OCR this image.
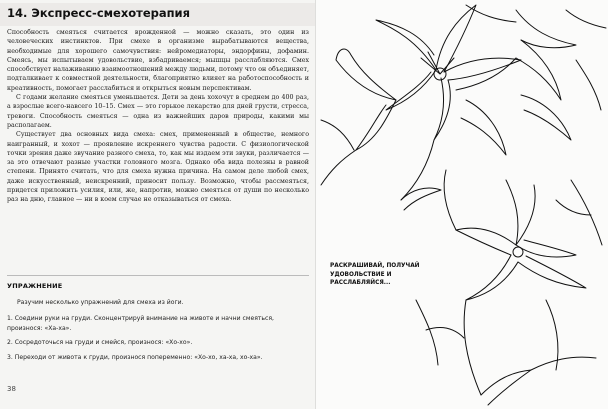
14. Экспресс-смехотерапия

Способность смеяться считается врожденной — можно сказать, это один из человеческих инстинктов. При смехе в организме вырабатываются вещества, необходимые для хорошего самочувствия: нейромедиаторы, эндорфины, дофамин. Смеясь, мы испытываем удовольствие, взбадриваемся; мышцы расслабляются. Смех способствует налаживанию взаимоотношений между людьми, потому что он объединяет, подталкивает к совместной деятельности, благоприятно влияет на работоспособность и креативность, помогает расслабиться и открыться новым перспективам.

С годами желание смеяться уменьшается. Дети за день хохочут в среднем до 400 раз, а взрослые всего-навсего 10–15. Смех — это горькое лекарство для дней грусти, стресса, тревоги. Способность смеяться — одна из важнейших даров природы, какими мы располагаем.

Существует два основных вида смеха: смех, примененный в обществе, немного наигранный, и хохот — проявление искреннего чувства радости. С физиологической точки зрения даже звучание разного смеха, то, как мы издаем эти звуки, различается — за это отвечают разные участки головного мозга. Однако оба вида полезны в равной степени. Принято считать, что для смеха нужна причина. На самом деле любой смех, даже искусственный, неискренний, приносит пользу. Возможно, чтобы рассмеяться, придется приложить усилия, или, же, напротив, можно смеяться от души по несколько раз на дню, главное — ни в коем случае не отказываться от смеха.

УПРАЖНЕНИЕ
Разучим несколько упражнений для смеха из йоги.
1. Соедини руки на груди. Сконцентрируй внимание на животе и начни смеяться, произнося: «Ха-ха».
2. Сосредоточься на груди и смейся, произнося: «Хо-хо».
3. Переходи от живота к груди, произнося попеременно: «Хо-хо, ха-ха, хо-ха».
38
РАСКРАШИВАЙ, ПОЛУЧАЙ УДОВОЛЬСТВИЕ И РАССЛАБЛЯЙСЯ...
